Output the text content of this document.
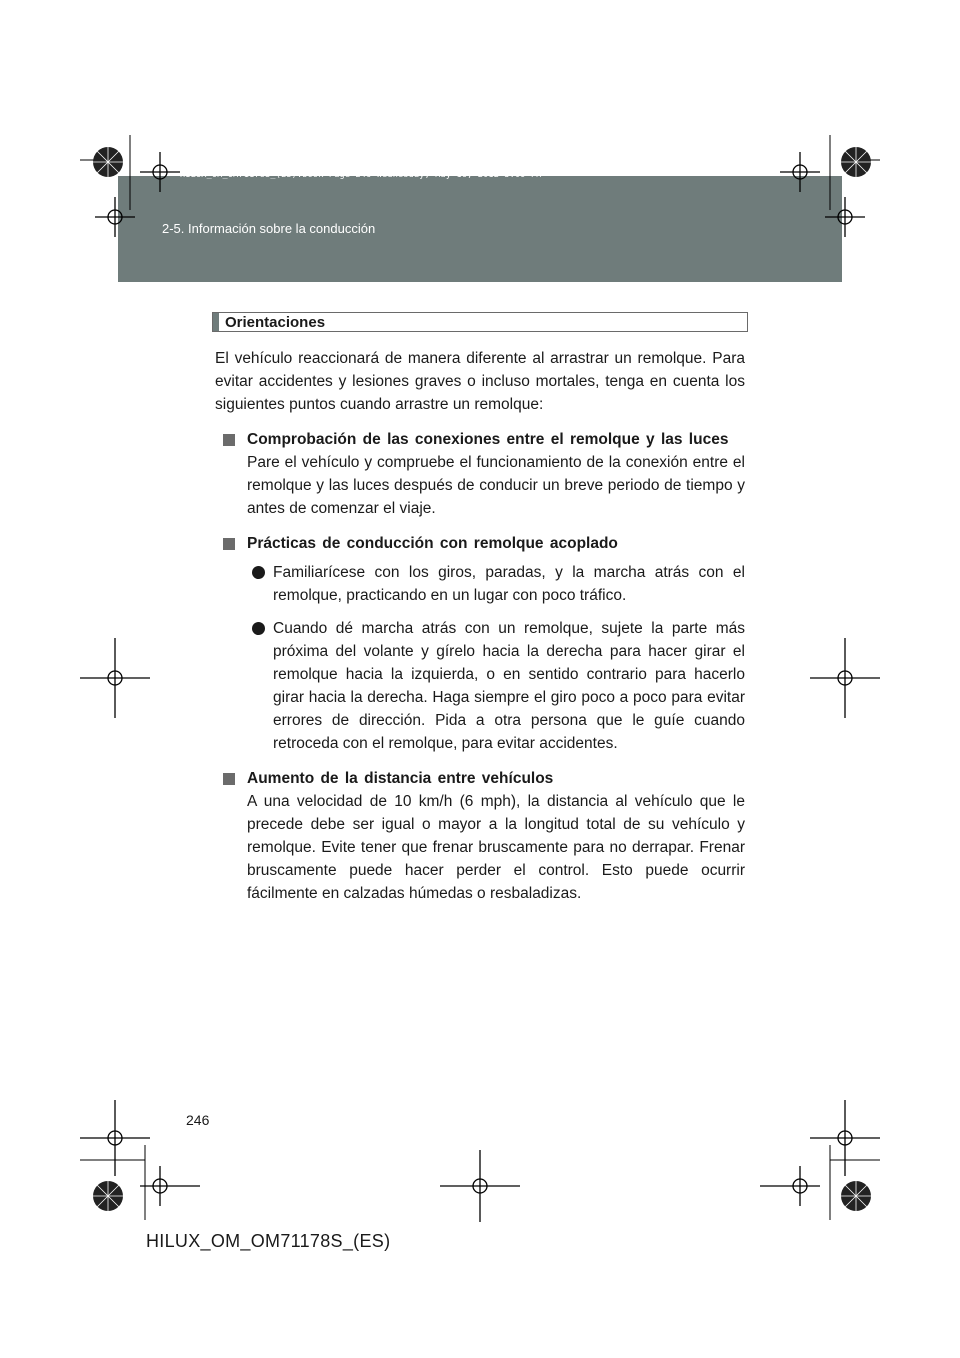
HILUX_OM_OM71178S_(ES).book Page 246 Wednesday, May 16, 2012 3:09 PM
2-5. Información sobre la conducción
Orientaciones

El vehículo reaccionará de manera diferente al arrastrar un remolque. Para evitar accidentes y lesiones graves o incluso mortales, tenga en cuenta los siguientes puntos cuando arrastre un remolque:

Comprobación de las conexiones entre el remolque y las luces

Pare el vehículo y compruebe el funcionamiento de la conexión entre el remolque y las luces después de conducir un breve periodo de tiempo y antes de comenzar el viaje.

Prácticas de conducción con remolque acoplado

Familiarícese con los giros, paradas, y la marcha atrás con el remolque, practicando en un lugar con poco tráfico.

Cuando dé marcha atrás con un remolque, sujete la parte más próxima del volante y gírelo hacia la derecha para hacer girar el remolque hacia la izquierda, o en sentido contrario para hacerlo girar hacia la derecha. Haga siempre el giro poco a poco para evitar errores de dirección. Pida a otra persona que le guíe cuando retroceda con el remolque, para evitar accidentes.

Aumento de la distancia entre vehículos

A una velocidad de 10 km/h (6 mph), la distancia al vehículo que le precede debe ser igual o mayor a la longitud total de su vehículo y remolque. Evite tener que frenar bruscamente para no derrapar. Frenar bruscamente puede hacer perder el control. Esto puede ocurrir fácilmente en calzadas húmedas o resbaladizas.

246
HILUX_OM_OM71178S_(ES)
